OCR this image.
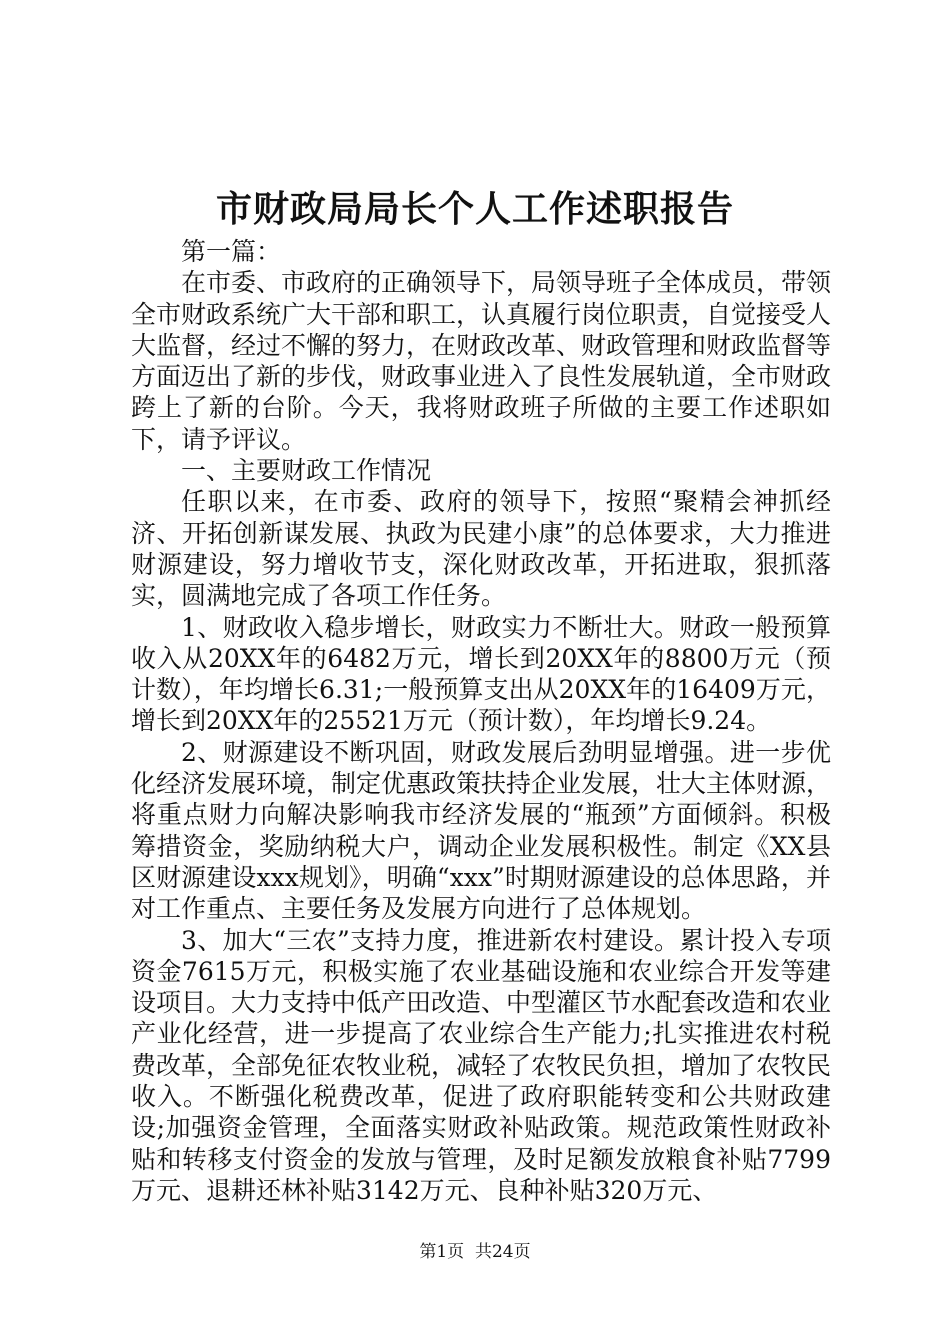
市财政局局长个人工作述职报告

第一篇：

在市委、市政府的正确领导下，局领导班子全体成员，带领全市财政系统广大干部和职工，认真履行岗位职责，自觉接受人大监督，经过不懈的努力，在财政改革、财政管理和财政监督等方面迈出了新的步伐，财政事业进入了良性发展轨道，全市财政跨上了新的台阶。今天，我将财政班子所做的主要工作述职如下，请予评议。

一、主要财政工作情况

任职以来，在市委、政府的领导下，按照“聚精会神抓经济、开拓创新谋发展、执政为民建小康”的总体要求，大力推进财源建设，努力增收节支，深化财政改革，开拓进取，狠抓落实，圆满地完成了各项工作任务。

1、财政收入稳步增长，财政实力不断壮大。财政一般预算收入从20XX年的6482万元，增长到20XX年的8800万元（预计数），年均增长6.31;一般预算支出从20XX年的16409万元，增长到20XX年的25521万元（预计数），年均增长9.24。

2、财源建设不断巩固，财政发展后劲明显增强。进一步优化经济发展环境，制定优惠政策扶持企业发展，壮大主体财源，将重点财力向解决影响我市经济发展的“瓶颈”方面倾斜。积极筹措资金，奖励纳税大户，调动企业发展积极性。制定《XX县区财源建设xxx规划》，明确“xxx”时期财源建设的总体思路，并对工作重点、主要任务及发展方向进行了总体规划。

3、加大“三农”支持力度，推进新农村建设。累计投入专项资金7615万元，积极实施了农业基础设施和农业综合开发等建设项目。大力支持中低产田改造、中型灌区节水配套改造和农业产业化经营，进一步提高了农业综合生产能力;扎实推进农村税费改革，全部免征农牧业税，减轻了农牧民负担，增加了农牧民收入。不断强化税费改革，促进了政府职能转变和公共财政建设;加强资金管理，全面落实财政补贴政策。规范政策性财政补贴和转移支付资金的发放与管理，及时足额发放粮食补贴7799万元、退耕还林补贴3142万元、良种补贴320万元、

第1页  共24页
